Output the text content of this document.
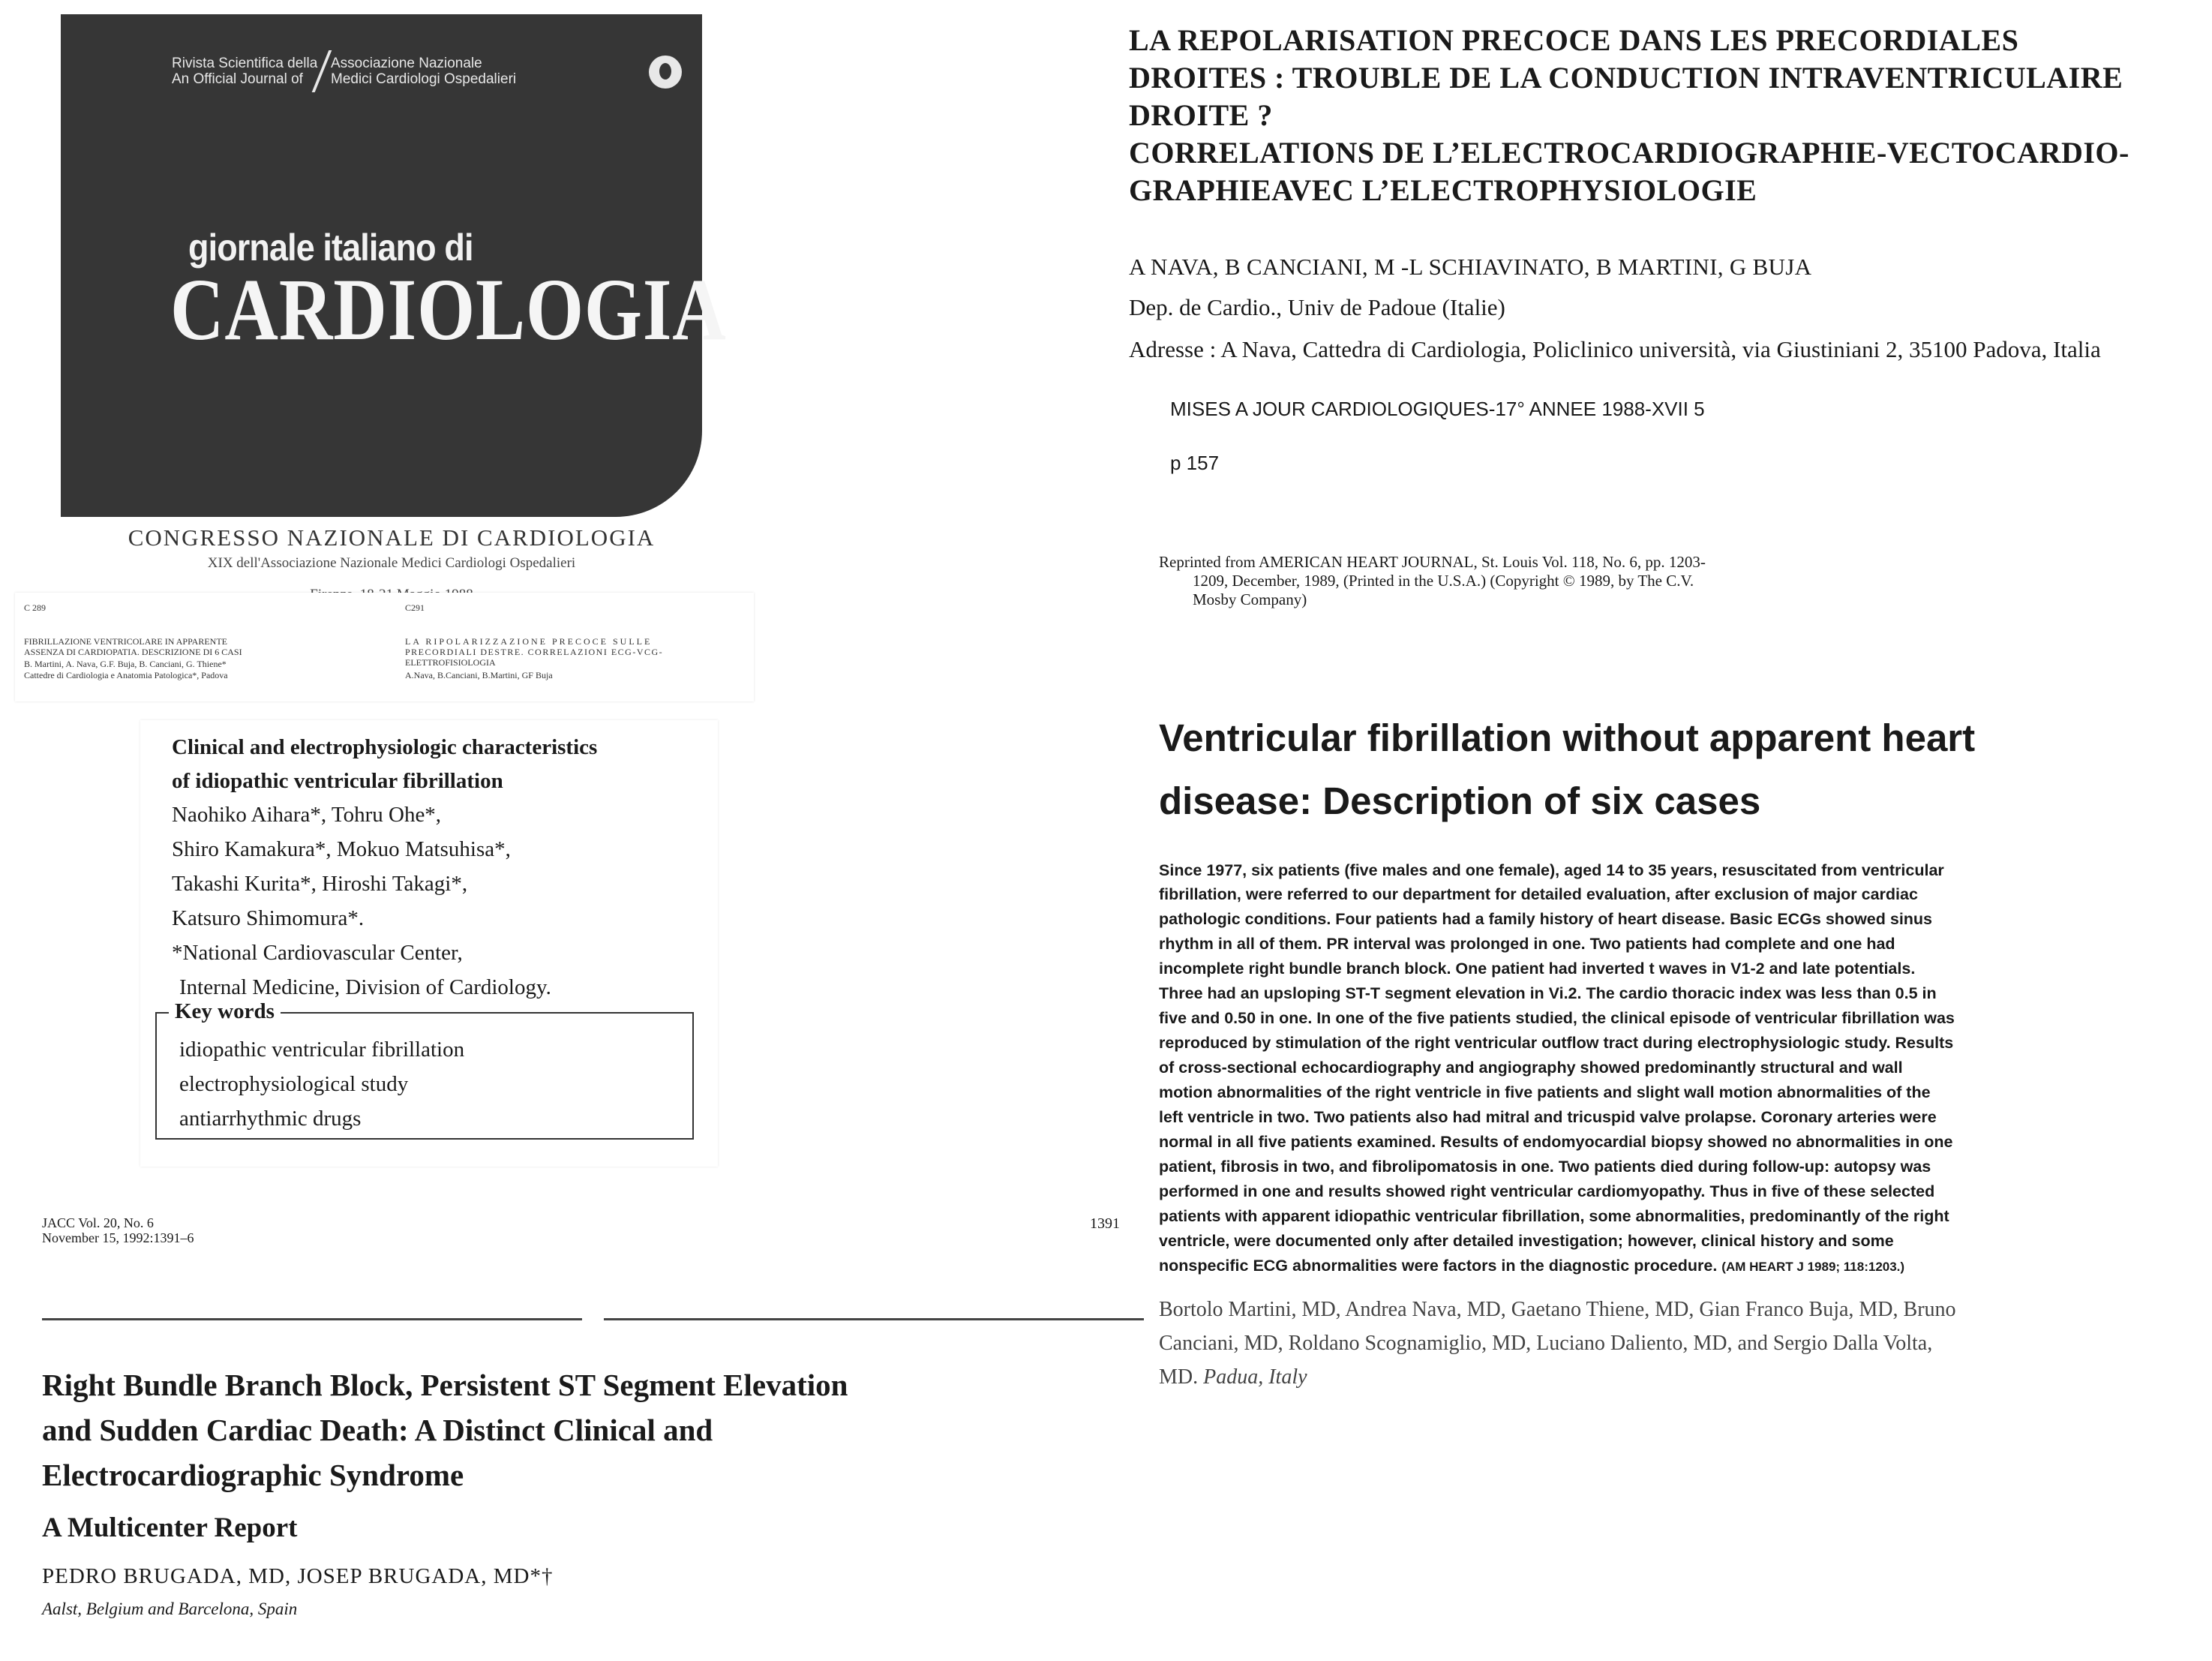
Rivista Scientifica della
An Official Journal of
Associazione Nazionale
Medici Cardiologi Ospedalieri
giornale italiano di
CARDIOLOGIA
CONGRESSO NAZIONALE DI CARDIOLOGIA
XIX dell'Associazione Nazionale Medici Cardiologi Ospedalieri
C 289
FIBRILLAZIONE VENTRICOLARE IN APPARENTE
ASSENZA DI CARDIOPATIA. DESCRIZIONE DI 6 CASI
B. Martini, A. Nava, G.F. Buja, B. Canciani, G. Thiene*
Cattedre di Cardiologia e Anatomia Patologica*, Padova
C291
LA RIPOLARIZZAZIONE PRECOCE SULLE
PRECORDIALI DESTRE. CORRELAZIONI ECG-VCG-
ELETTROFISIOLOGIA
A.Nava, B.Canciani, B.Martini, GF Buja
Clinical and electrophysiologic characteristics
of idiopathic ventricular fibrillation
Naohiko Aihara*, Tohru Ohe*,
Shiro Kamakura*, Mokuo Matsuhisa*,
Takashi Kurita*, Hiroshi Takagi*,
Katsuro Shimomura*.
*National Cardiovascular Center,
Internal Medicine, Division of Cardiology.
Key words
idiopathic ventricular fibrillation
electrophysiological study
antiarrhythmic drugs
JACC Vol. 20, No. 6
November 15, 1992:1391–6
1391
Right Bundle Branch Block, Persistent ST Segment Elevation
and Sudden Cardiac Death: A Distinct Clinical and
Electrocardiographic Syndrome
A Multicenter Report
PEDRO BRUGADA, MD, JOSEP BRUGADA, MD*†
Aalst, Belgium and Barcelona, Spain
LA REPOLARISATION PRECOCE DANS LES PRECORDIALES
DROITES : TROUBLE DE LA CONDUCTION INTRAVENTRICULAIRE
DROITE ?
CORRELATIONS DE L’ELECTROCARDIOGRAPHIE-VECTOCARDIO-
GRAPHIEAVEC L’ELECTROPHYSIOLOGIE
A NAVA, B CANCIANI, M -L SCHIAVINATO, B MARTINI, G BUJA
Dep. de Cardio., Univ de Padoue (Italie)
Adresse : A Nava, Cattedra di Cardiologia, Policlinico università, via Giustiniani 2, 35100 Padova, Italia
MISES A JOUR CARDIOLOGIQUES-17° ANNEE 1988-XVII 5
p 157
Reprinted from AMERICAN HEART JOURNAL, St. Louis Vol. 118, No. 6, pp. 1203-
1209, December, 1989, (Printed in the U.S.A.) (Copyright © 1989, by The C.V.
Mosby Company)
Ventricular fibrillation without apparent heart
disease: Description of six cases
Since 1977, six patients (five males and one female), aged 14 to 35 years, resuscitated from ventricular
fibrillation, were referred to our department for detailed evaluation, after exclusion of major cardiac
pathologic conditions. Four patients had a family history of heart disease. Basic ECGs showed sinus
rhythm in all of them. PR interval was prolonged in one. Two patients had complete and one had
incomplete right bundle branch block. One patient had inverted t waves in V1-2 and late potentials.
Three had an upsloping ST-T segment elevation in Vi.2. The cardio thoracic index was less than 0.5 in
five and 0.50 in one. In one of the five patients studied, the clinical episode of ventricular fibrillation was
reproduced by stimulation of the right ventricular outflow tract during electrophysiologic study. Results
of cross-sectional echocardiography and angiography showed predominantly structural and wall
motion abnormalities of the right ventricle in five patients and slight wall motion abnormalities of the
left ventricle in two. Two patients also had mitral and tricuspid valve prolapse. Coronary arteries were
normal in all five patients examined. Results of endomyocardial biopsy showed no abnormalities in one
patient, fibrosis in two, and fibrolipomatosis in one. Two patients died during follow-up: autopsy was
performed in one and results showed right ventricular cardiomyopathy. Thus in five of these selected
patients with apparent idiopathic ventricular fibrillation, some abnormalities, predominantly of the right
ventricle, were documented only after detailed investigation; however, clinical history and some
nonspecific ECG abnormalities were factors in the diagnostic procedure. (AM HEART J 1989; 118:1203.)
Bortolo Martini, MD, Andrea Nava, MD, Gaetano Thiene, MD, Gian Franco Buja, MD, Bruno
Canciani, MD, Roldano Scognamiglio, MD, Luciano Daliento, MD, and Sergio Dalla Volta,
MD. Padua, Italy
